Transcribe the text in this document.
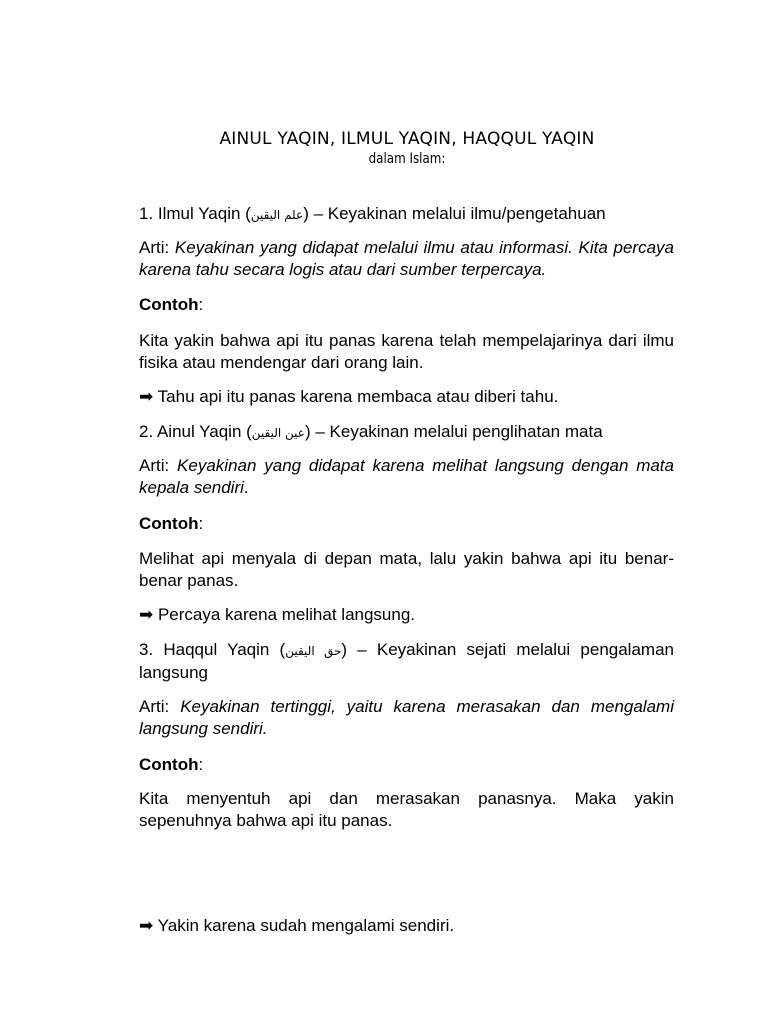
AINUL YAQIN, ILMUL YAQIN, HAQQUL YAQIN
dalam Islam:
1. Ilmul Yaqin (علم اليقين) – Keyakinan melalui ilmu/pengetahuan
Arti: Keyakinan yang didapat melalui ilmu atau informasi. Kita percaya karena tahu secara logis atau dari sumber terpercaya.
Contoh:
Kita yakin bahwa api itu panas karena telah mempelajarinya dari ilmu fisika atau mendengar dari orang lain.
➡ Tahu api itu panas karena membaca atau diberi tahu.
2. Ainul Yaqin (عين اليقين) – Keyakinan melalui penglihatan mata
Arti: Keyakinan yang didapat karena melihat langsung dengan mata kepala sendiri.
Contoh:
Melihat api menyala di depan mata, lalu yakin bahwa api itu benar-benar panas.
➡ Percaya karena melihat langsung.
3. Haqqul Yaqin (حق اليقين) – Keyakinan sejati melalui pengalaman langsung
Arti: Keyakinan tertinggi, yaitu karena merasakan dan mengalami langsung sendiri.
Contoh:
Kita menyentuh api dan merasakan panasnya. Maka yakin sepenuhnya bahwa api itu panas.
➡ Yakin karena sudah mengalami sendiri.
